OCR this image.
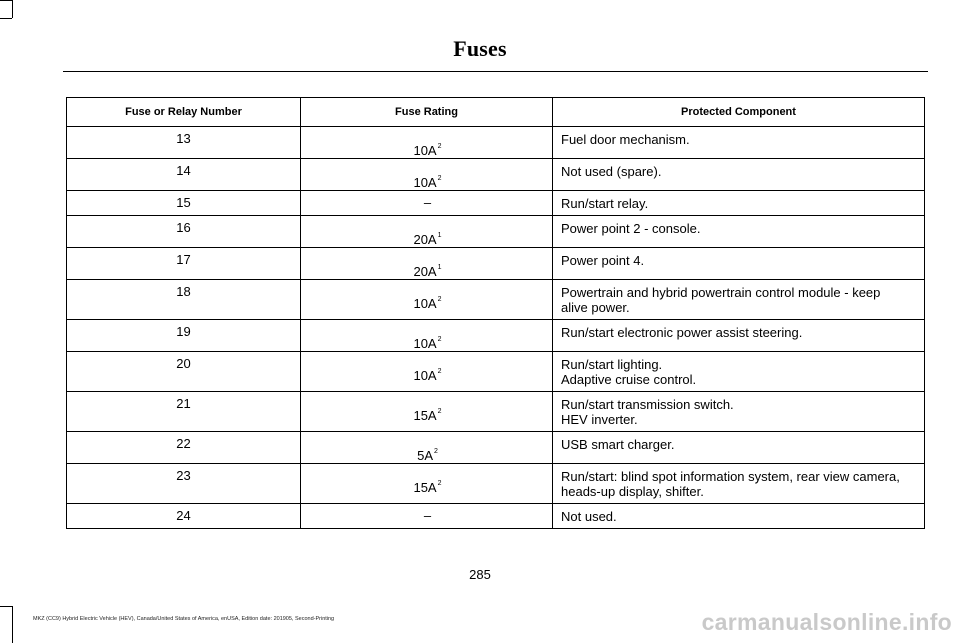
Fuses
Fuse or Relay Number	Fuse Rating	Protected Component

13	$10A^2$	Fuel door mechanism.

14	$10A^2$	Not used (spare).

15	–	Run/start relay.

16	$20A^1$	Power point 2 - console.

17	$20A^1$	Power point 4.

18	$10A^2$	Powertrain and hybrid powertrain control module - keep
alive power.

19	$10A^2$	Run/start electronic power assist steering.

20	$10A^2$	Run/start lighting.
Adaptive cruise control.

21	$15A^2$	Run/start transmission switch.
HEV inverter.

22	$5A^2$	USB smart charger.

23	$15A^2$	Run/start: blind spot information system, rear view camera,
heads-up display, shifter.

24	–	Not used.
285
MKZ (CC9) Hybrid Electric Vehicle (HEV), Canada/United States of America, enUSA, Edition date: 201905, Second-Printing	carmanualsonline.info
